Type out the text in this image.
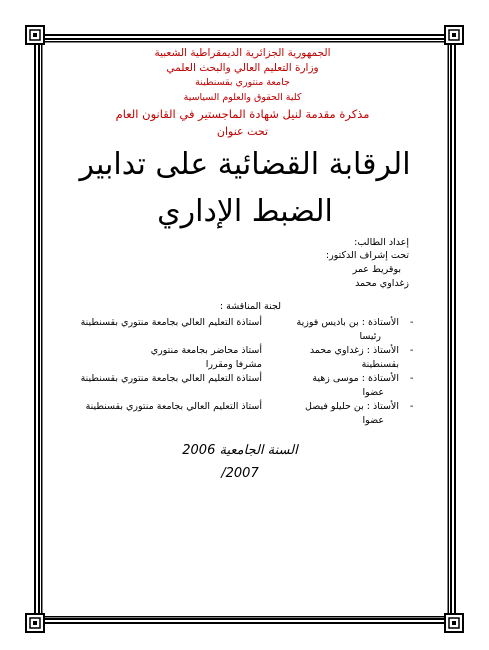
الجمهورية الجزائرية الديمقراطية الشعبية
وزارة التعليم العالي والبحث العلمي
جامعة منتوري بقسنطينة
كلية الحقوق والعلوم السياسية
مذكرة مقدمة لنيل شهادة الماجستير في القانون العام
تحت عنوان
الرقابة القضائية على تدابير
الضبط الإداري
إعداد الطالب:
تحت إشراف الدكتور:
بوقريط عمر
زغداوي محمد
لجنة المناقشة :
-
الأستاذة : بن باديس فوزية
أستاذة التعليم العالي بجامعة منتوري بقسنطينة
رئيسا
-
الأستاذ : زغداوي محمد
أستاذ محاضر بجامعة منتوري
بقسنطينة
مشرفا ومقررا
-
الأستاذة : موسى زهية
أستاذة التعليم العالي بجامعة منتوري بقسنطينة
عضوا
-
الأستاذ : بن حليلو فيصل
أستاذ التعليم العالي بجامعة منتوري بقسنطينة
عضوا
السنة الجامعية 2006
2007/
